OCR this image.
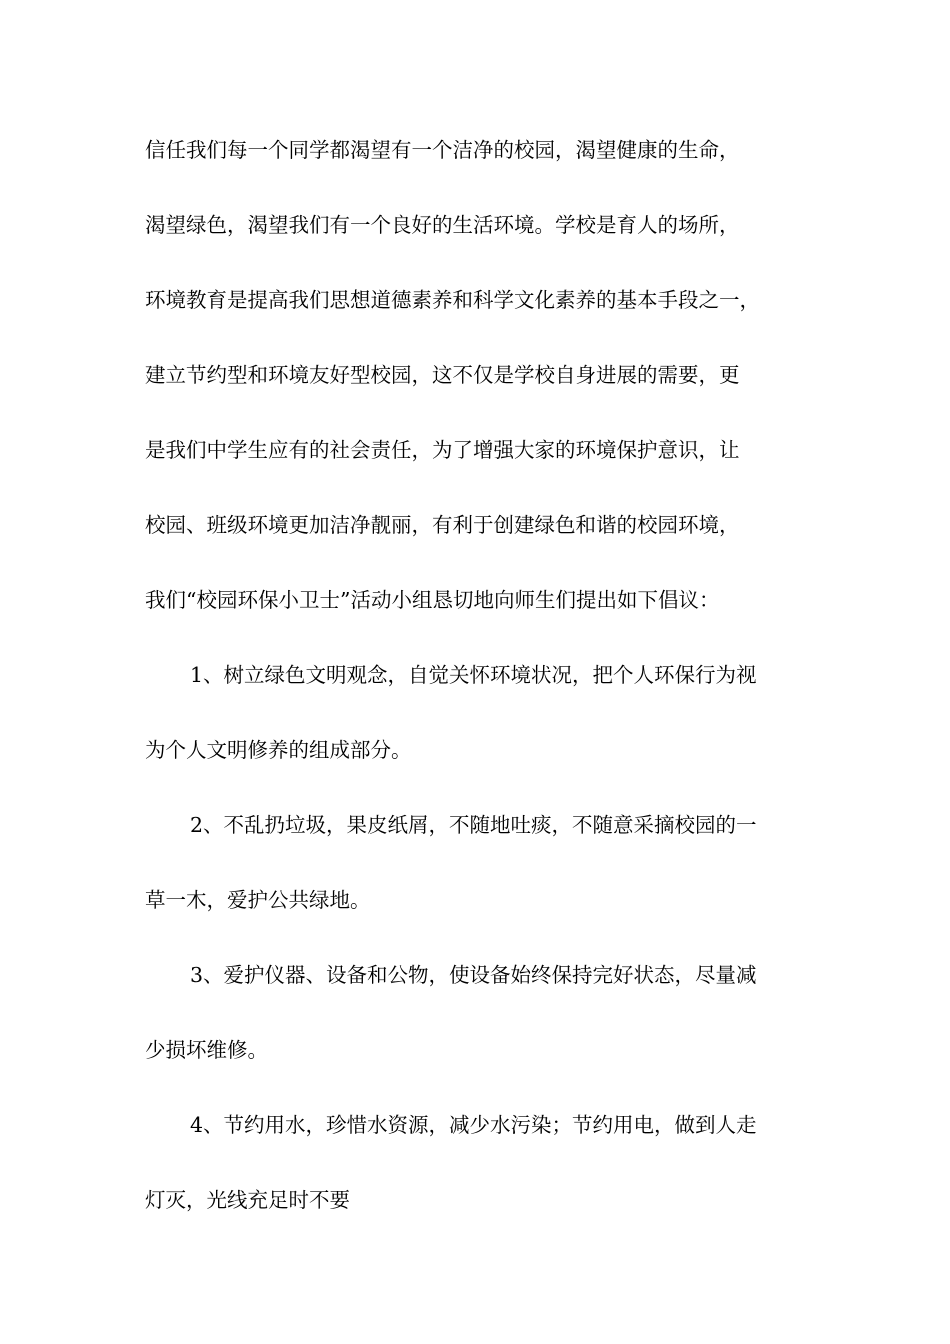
信任我们每一个同学都渴望有一个洁净的校园，渴望健康的生命，
渴望绿色，渴望我们有一个良好的生活环境。学校是育人的场所，
环境教育是提高我们思想道德素养和科学文化素养的基本手段之一，
建立节约型和环境友好型校园，这不仅是学校自身进展的需要，更
是我们中学生应有的社会责任，为了增强大家的环境保护意识，让
校园、班级环境更加洁净靓丽，有利于创建绿色和谐的校园环境，
我们“校园环保小卫士”活动小组恳切地向师生们提出如下倡议：
1、树立绿色文明观念，自觉关怀环境状况，把个人环保行为视
为个人文明修养的组成部分。
2、不乱扔垃圾，果皮纸屑，不随地吐痰，不随意采摘校园的一
草一木，爱护公共绿地。
3、爱护仪器、设备和公物，使设备始终保持完好状态，尽量减
少损坏维修。
4、节约用水，珍惜水资源，减少水污染；节约用电，做到人走
灯灭，光线充足时不要
